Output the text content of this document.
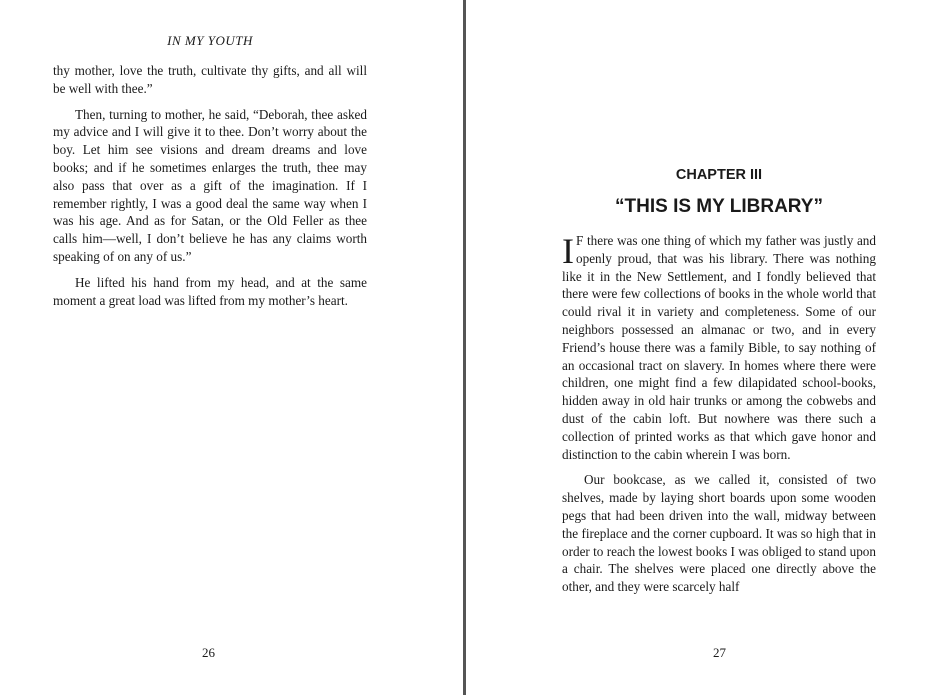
IN MY YOUTH

thy mother, love the truth, cultivate thy gifts, and all will be well with thee.”

Then, turning to mother, he said, “Deborah, thee asked my advice and I will give it to thee. Don’t worry about the boy. Let him see visions and dream dreams and love books; and if he sometimes enlarges the truth, thee may also pass that over as a gift of the imagination. If I remember rightly, I was a good deal the same way when I was his age. And as for Satan, or the Old Feller as thee calls him—well, I don’t believe he has any claims worth speaking of on any of us.”

He lifted his hand from my head, and at the same moment a great load was lifted from my mother’s heart.

26
CHAPTER III
“THIS IS MY LIBRARY”

I F there was one thing of which my father was justly and openly proud, that was his library. There was nothing like it in the New Settlement, and I fondly believed that there were few collections of books in the whole world that could rival it in variety and completeness. Some of our neighbors possessed an almanac or two, and in every Friend’s house there was a family Bible, to say nothing of an occasional tract on slavery. In homes where there were children, one might find a few dilapidated school-books, hidden away in old hair trunks or among the cobwebs and dust of the cabin loft. But nowhere was there such a collection of printed works as that which gave honor and distinction to the cabin wherein I was born.

Our bookcase, as we called it, consisted of two shelves, made by laying short boards upon some wooden pegs that had been driven into the wall, midway between the fireplace and the corner cupboard. It was so high that in order to reach the lowest books I was obliged to stand upon a chair. The shelves were placed one directly above the other, and they were scarcely half

27
